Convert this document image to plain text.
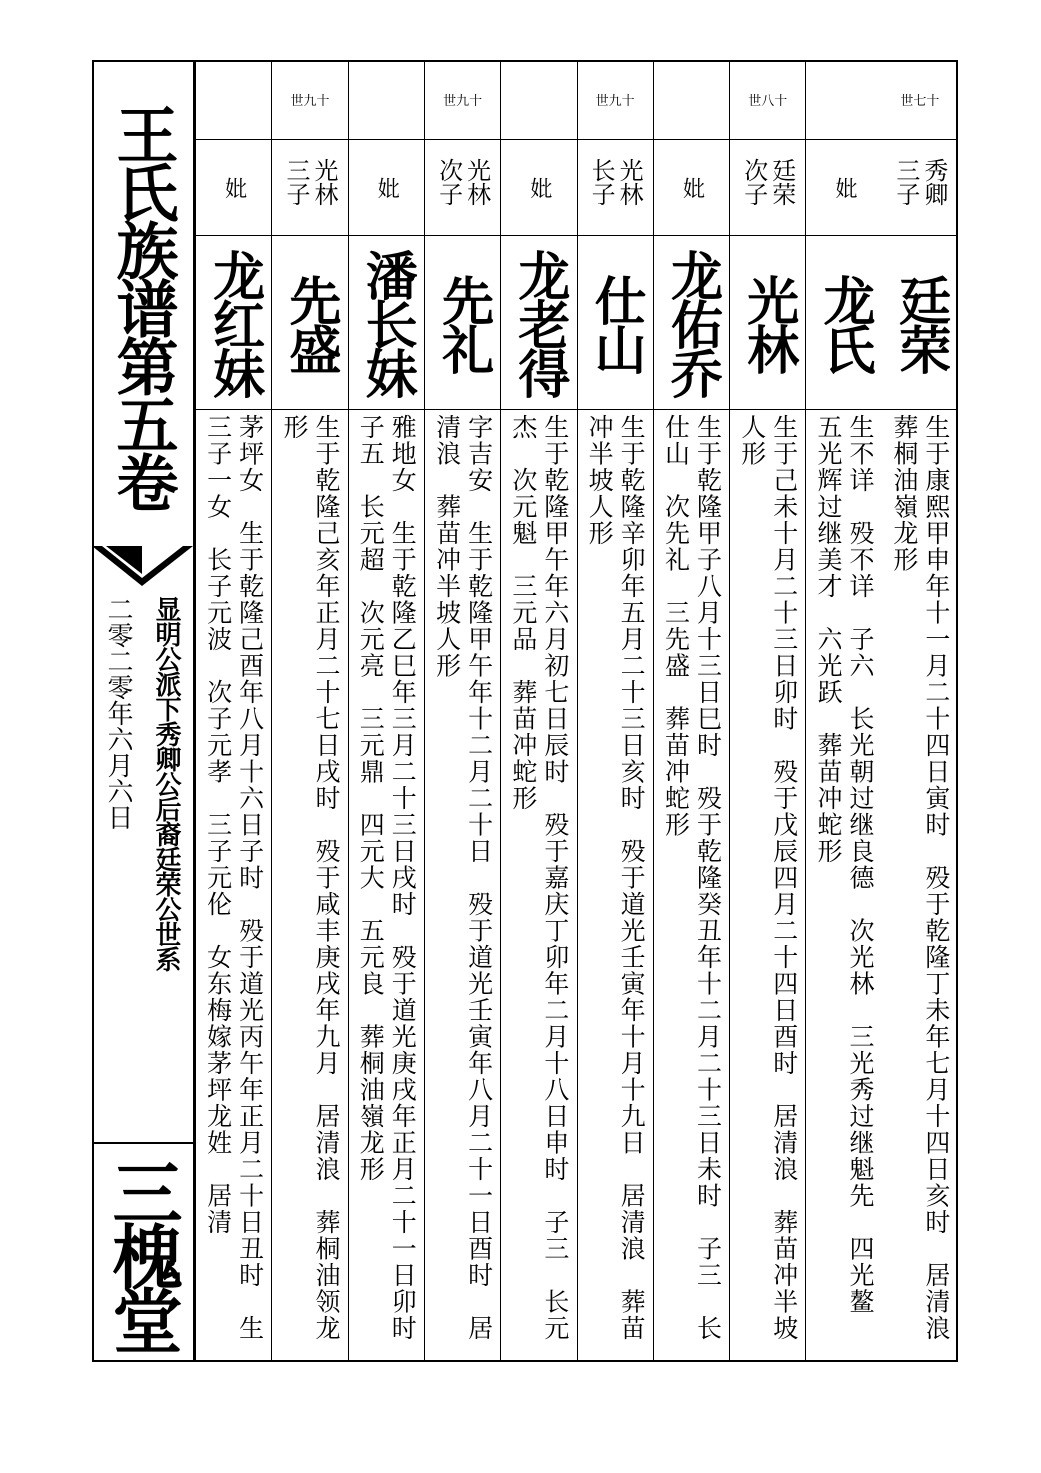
王氏族谱第五卷
显明公派下秀卿公后裔廷荣公世系
二零二零年六月六日
三槐堂
世七十
秀卿三子
廷荣
生于康熙甲申年十一月二十四日寅时　殁于乾隆丁未年七月十四日亥时　居清浪　葬桐油嶺龙形
妣
龙氏
生不详　殁不详　子六　长光朝过继良德　次光林　三光秀过继魁先　四光鳌　五光辉过继美才　六光跃　葬苗冲蛇形
世八十
廷荣次子
光林
生于己未十月二十三日卯时　殁于戊辰四月二十四日酉时　居清浪　葬苗冲半坡人形
妣
龙佑乔
生于乾隆甲子八月十三日巳时　殁于乾隆癸丑年十二月二十三日未时　子三　长仕山　次先礼　三先盛　葬苗冲蛇形
世九十
光林长子
仕山
生于乾隆辛卯年五月二十三日亥时　殁于道光壬寅年十月十九日　居清浪　葬苗冲半坡人形
妣
龙老得
生于乾隆甲午年六月初七日辰时　殁于嘉庆丁卯年二月十八日申时　子三　长元杰　次元魁　三元品　葬苗冲蛇形
世九十
光林次子
先礼
字吉安　生于乾隆甲午年十二月二十日　殁于道光壬寅年八月二十一日酉时　居清浪　葬苗冲半坡人形
妣
潘长妹
雅地女　生于乾隆乙巳年三月二十三日戌时　殁于道光庚戌年正月二十一日卯时　子五　长元超　次元亮　三元鼎　四元大　五元良　葬桐油嶺龙形
世九十
光林三子
先盛
生于乾隆己亥年正月二十七日戌时　殁于咸丰庚戌年九月　居清浪　葬桐油领龙形
妣
龙红妹
茅坪女　生于乾隆己酉年八月十六日子时　殁于道光丙午年正月二十日丑时　生三子一女　长子元波　次子元孝　三子元伦　女东梅嫁茅坪龙姓　居清
